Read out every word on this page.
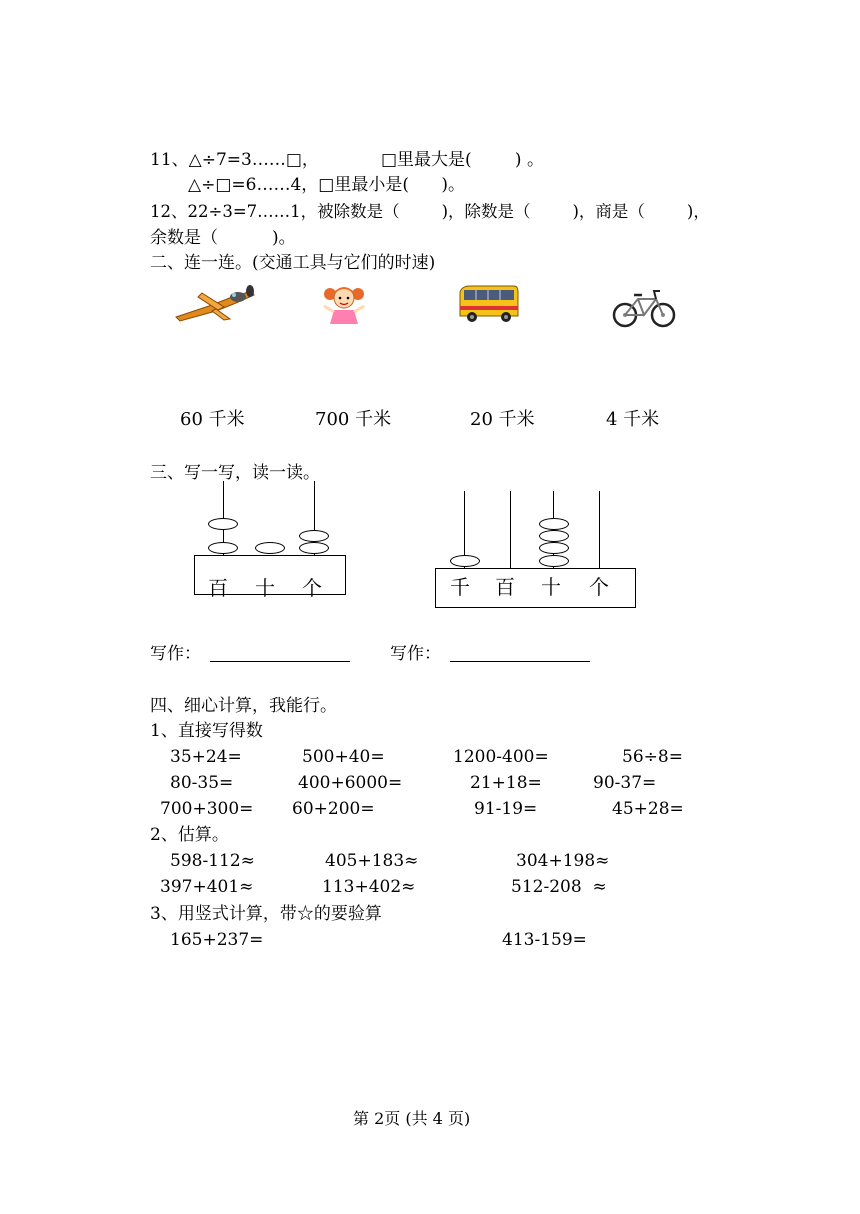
11、△÷7=3……□，	□里最大是(        ) 。
△÷□=6……4，□里最小是(      )。
12、22÷3=7……1，被除数是（        )，除数是（        )，商是（        )，
余数是（          )。
二、连一连。(交通工具与它们的时速)
60 千米	700 千米	20 千米	4 千米
三、写一写，读一读。
百 十 个	千 百 十 个
写作：	写作：
四、细心计算，我能行。
1、直接写得数
35+24=	500+40=	1200-400=	56÷8=
80-35=	400+6000=	21+18=	90-37=
700+300= 60+200=	91-19=	45+28=
2、估算。
598-112≈	405+183≈	304+198≈
397+401≈	113+402≈	512-208  ≈
3、用竖式计算，带☆的要验算
165+237=	413-159=
第 2页 (共 4 页)
